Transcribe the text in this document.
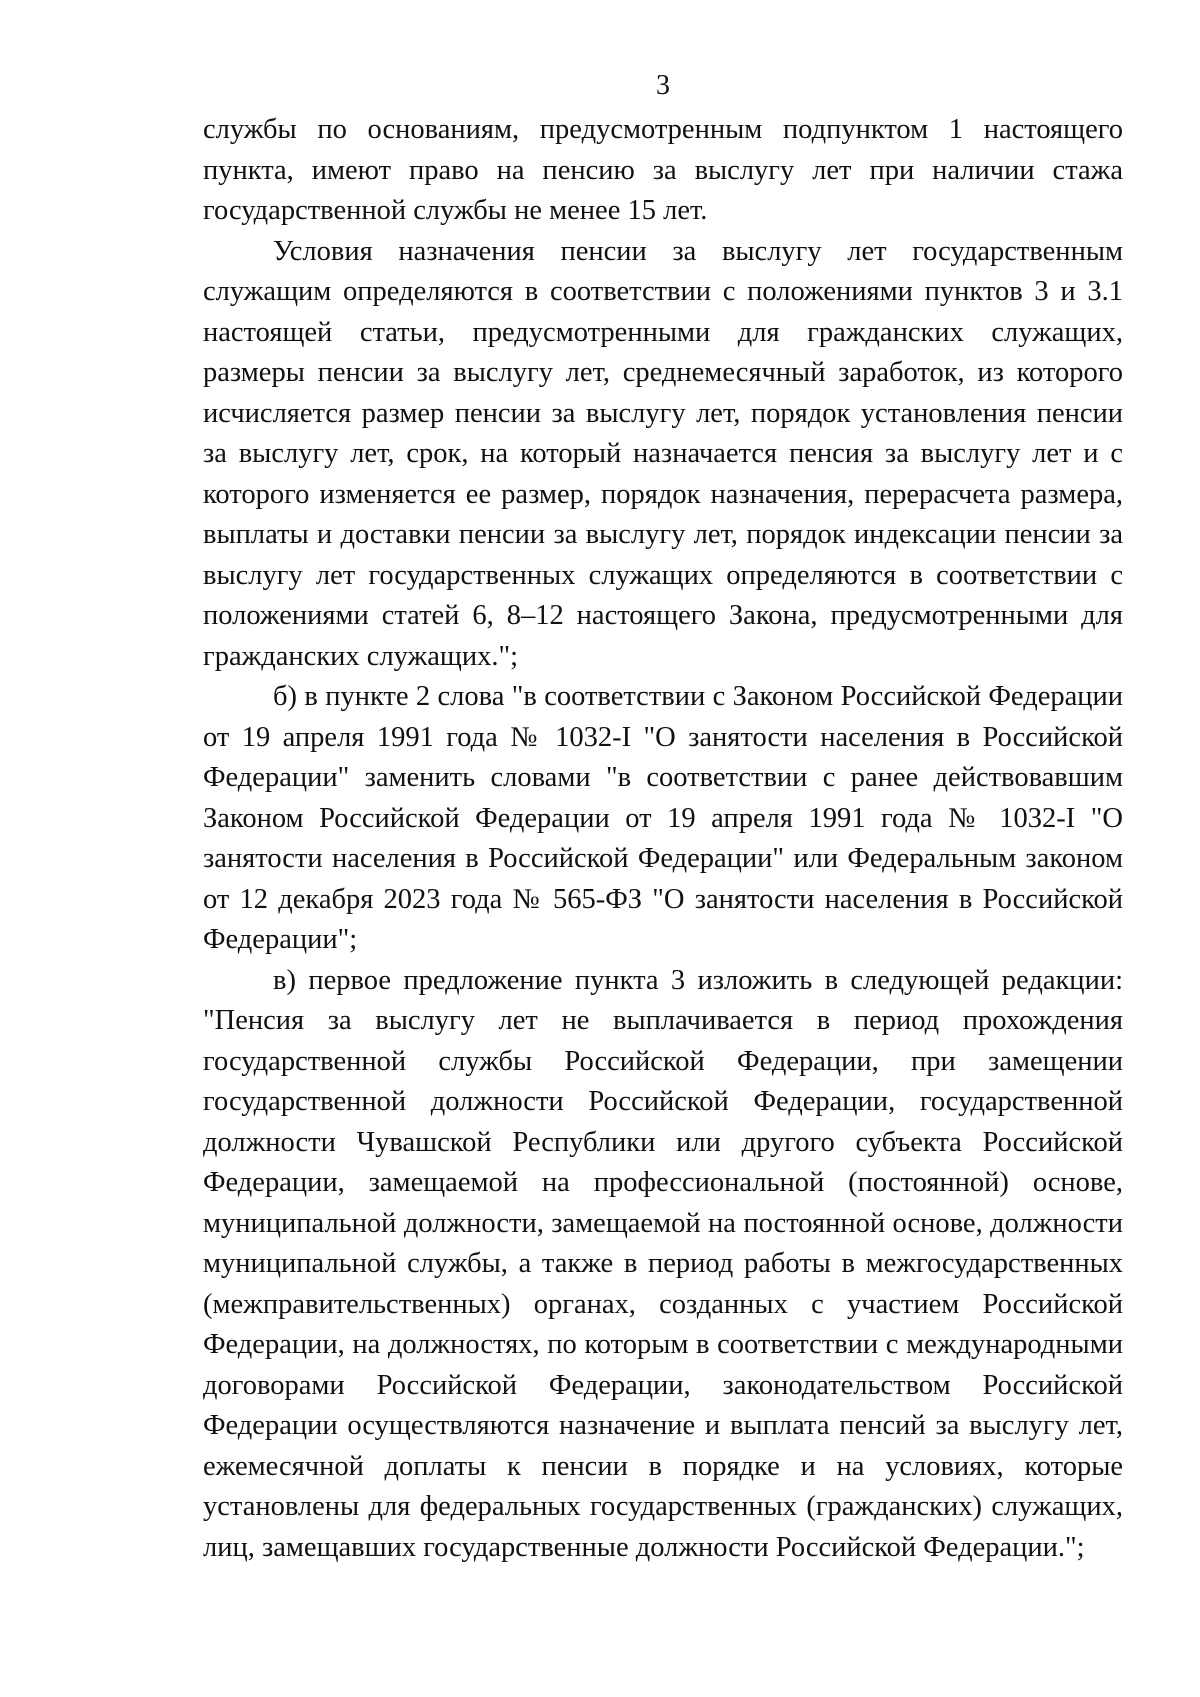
3

службы по основаниям, предусмотренным подпунктом 1 настоящего пункта, имеют право на пенсию за выслугу лет при наличии стажа государственной службы не менее 15 лет.

Условия назначения пенсии за выслугу лет государственным служащим определяются в соответствии с положениями пунктов 3 и 3.1 настоящей статьи, предусмотренными для гражданских служащих, размеры пенсии за выслугу лет, среднемесячный заработок, из которого исчисляется размер пенсии за выслугу лет, порядок установления пенсии за выслугу лет, срок, на который назначается пенсия за выслугу лет и с которого изменяется ее размер, порядок назначения, перерасчета размера, выплаты и доставки пенсии за выслугу лет, порядок индексации пенсии за выслугу лет государственных служащих определяются в соответствии с положениями статей 6, 8–12 настоящего Закона, предусмотренными для гражданских служащих.";

б) в пункте 2 слова "в соответствии с Законом Российской Федерации от 19 апреля 1991 года № 1032-I "О занятости населения в Российской Федерации" заменить словами "в соответствии с ранее действовавшим Законом Российской Федерации от 19 апреля 1991 года № 1032-I "О занятости населения в Российской Федерации" или Федеральным законом от 12 декабря 2023 года № 565-ФЗ "О занятости населения в Российской Федерации";

в) первое предложение пункта 3 изложить в следующей редакции: "Пенсия за выслугу лет не выплачивается в период прохождения государственной службы Российской Федерации, при замещении государственной должности Российской Федерации, государственной должности Чувашской Республики или другого субъекта Российской Федерации, замещаемой на профессиональной (постоянной) основе, муниципальной должности, замещаемой на постоянной основе, должности муниципальной службы, а также в период работы в межгосударственных (межправительственных) органах, созданных с участием Российской Федерации, на должностях, по которым в соответствии с международными договорами Российской Федерации, законодательством Российской Федерации осуществляются назначение и выплата пенсий за выслугу лет, ежемесячной доплаты к пенсии в порядке и на условиях, которые установлены для федеральных государственных (гражданских) служащих, лиц, замещавших государственные должности Российской Федерации.";
